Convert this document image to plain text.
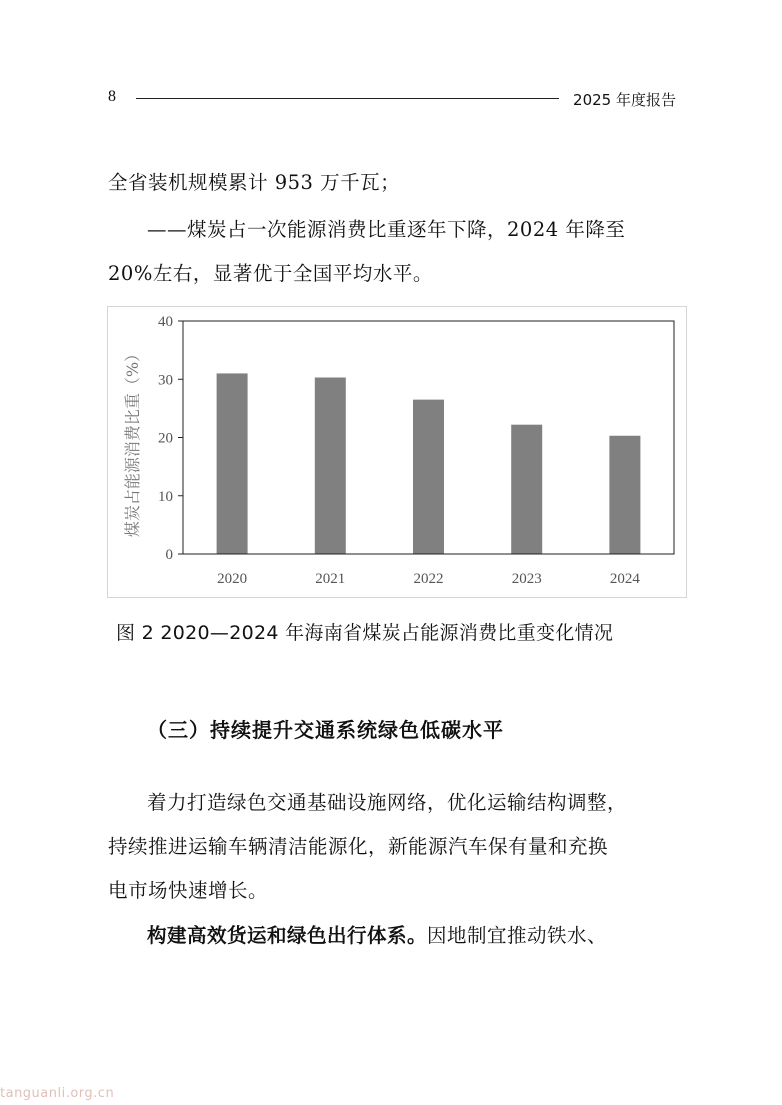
8	2025 年度报告
全省装机规模累计 953 万千瓦；
——煤炭占一次能源消费比重逐年下降，2024 年降至
20%左右，显著优于全国平均水平。
0
10
20
30
40
2020	2021	2022	2023	2024
煤炭占能源消费比重（%）
图 2 2020—2024 年海南省煤炭占能源消费比重变化情况
（三）持续提升交通系统绿色低碳水平
着力打造绿色交通基础设施网络，优化运输结构调整，
持续推进运输车辆清洁能源化，新能源汽车保有量和充换
电市场快速增长。
构建高效货运和绿色出行体系。因地制宜推动铁水、
tanguanli.org.cn
